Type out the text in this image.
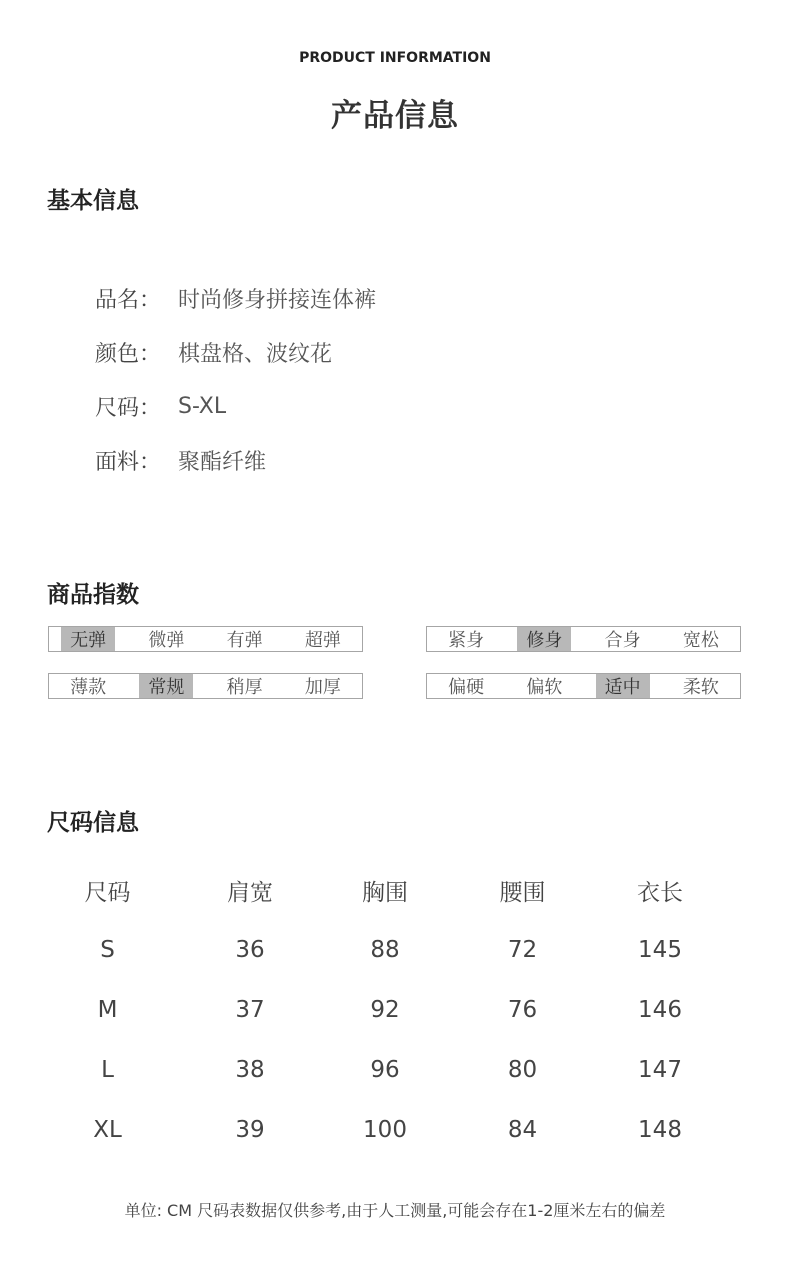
PRODUCT INFORMATION
产品信息
基本信息
品名： 时尚修身拼接连体裤
颜色： 棋盘格、波纹花
尺码： S-XL
面料： 聚酯纤维
商品指数
无弹 微弹 有弹 超弹	紧身 修身 合身 宽松
薄款 常规 稍厚 加厚	偏硬 偏软 适中 柔软
尺码信息
尺码	肩宽	胸围	腰围	衣长
S	36	88	72	145
M	37	92	76	146
L	38	96	80	147
XL	39	100	84	148
单位: CM 尺码表数据仅供参考,由于人工测量,可能会存在1-2厘米左右的偏差
